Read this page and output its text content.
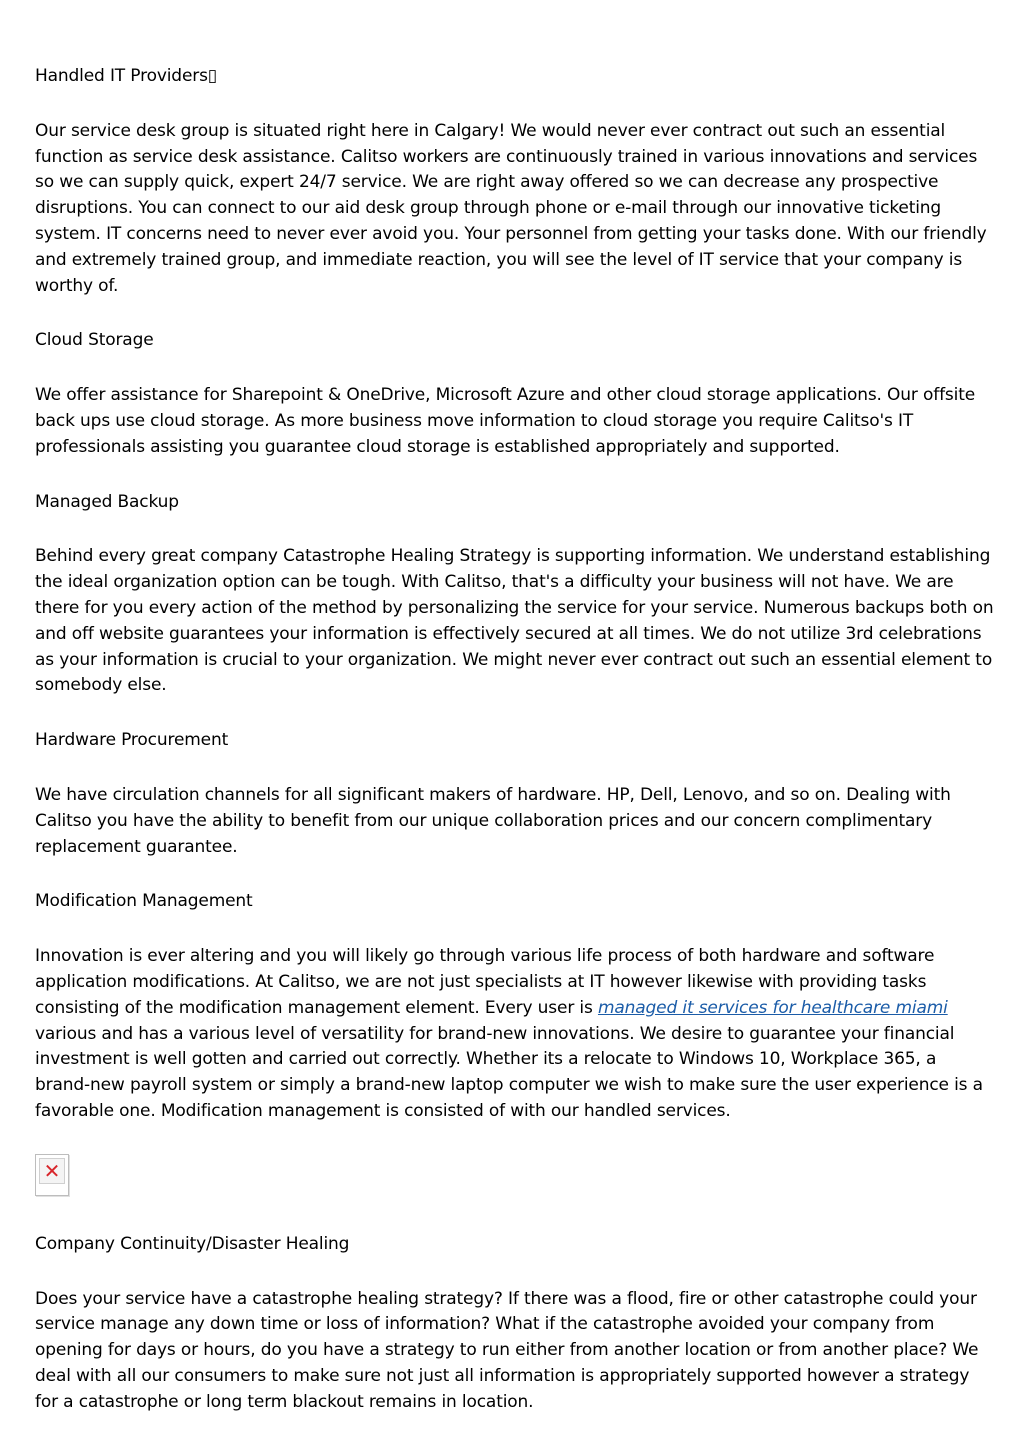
Handled IT Providers▯

Our service desk group is situated right here in Calgary! We would never ever contract out such an essential function as service desk assistance. Calitso workers are continuously trained in various innovations and services so we can supply quick, expert 24/7 service. We are right away offered so we can decrease any prospective disruptions. You can connect to our aid desk group through phone or e-mail through our innovative ticketing system. IT concerns need to never ever avoid you. Your personnel from getting your tasks done. With our friendly and extremely trained group, and immediate reaction, you will see the level of IT service that your company is worthy of.

Cloud Storage

We offer assistance for Sharepoint & OneDrive, Microsoft Azure and other cloud storage applications. Our offsite back ups use cloud storage. As more business move information to cloud storage you require Calitso's IT professionals assisting you guarantee cloud storage is established appropriately and supported.

Managed Backup

Behind every great company Catastrophe Healing Strategy is supporting information. We understand establishing the ideal organization option can be tough. With Calitso, that's a difficulty your business will not have. We are there for you every action of the method by personalizing the service for your service. Numerous backups both on and off website guarantees your information is effectively secured at all times. We do not utilize 3rd celebrations as your information is crucial to your organization. We might never ever contract out such an essential element to somebody else.

Hardware Procurement

We have circulation channels for all significant makers of hardware. HP, Dell, Lenovo, and so on. Dealing with Calitso you have the ability to benefit from our unique collaboration prices and our concern complimentary replacement guarantee.

Modification Management

Innovation is ever altering and you will likely go through various life process of both hardware and software application modifications. At Calitso, we are not just specialists at IT however likewise with providing tasks consisting of the modification management element. Every user is managed it services for healthcare miami various and has a various level of versatility for brand-new innovations. We desire to guarantee your financial investment is well gotten and carried out correctly. Whether its a relocate to Windows 10, Workplace 365, a brand-new payroll system or simply a brand-new laptop computer we wish to make sure the user experience is a favorable one. Modification management is consisted of with our handled services.

✕

Company Continuity/Disaster Healing

Does your service have a catastrophe healing strategy? If there was a flood, fire or other catastrophe could your service manage any down time or loss of information? What if the catastrophe avoided your company from opening for days or hours, do you have a strategy to run either from another location or from another place? We deal with all our consumers to make sure not just all information is appropriately supported however a strategy for a catastrophe or long term blackout remains in location.
